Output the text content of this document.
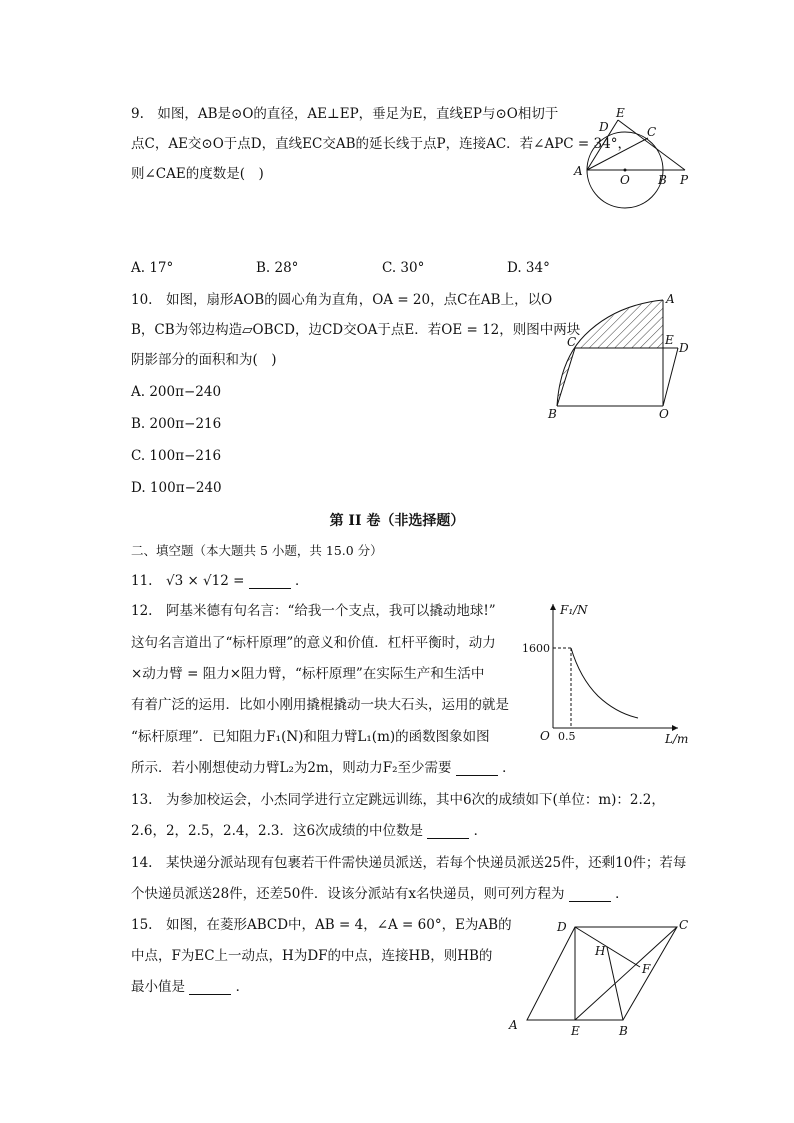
9.　如图，AB是⊙O的直径，AE⊥EP，垂足为E，直线EP与⊙O相切于
点C，AE交⊙O于点D，直线EC交AB的延长线于点P，连接AC．若∠APC = 34°，
则∠CAE的度数是(　)
E
D	C
A
O B P
A. 17°	B. 28°	C. 30°	D. 34°
10.　如图，扇形AOB的圆心角为直角，OA = 20，点C在AB上，以O
B，CB为邻边构造▱OBCD，边CD交OA于点E．若OE = 12，则图中两块
阴影部分的面积和为(　)
A. 200π−240
B. 200π−216
C. 100π−216
D. 100π−240
A
C	E
D
B	O
第 II 卷（非选择题）
二、填空题（本大题共 5 小题，共 15.0 分）
11.　√3 × √12 =	．
12.　阿基米德有句名言：“给我一个支点，我可以撬动地球!”
这句名言道出了“标杆原理”的意义和价值．杠杆平衡时，动力
×动力臂 = 阻力×阻力臂，“标杆原理”在实际生产和生活中
有着广泛的运用．比如小刚用撬棍撬动一块大石头，运用的就是
“标杆原理”．已知阻力F₁(N)和阻力臂L₁(m)的函数图象如图
所示．若小刚想使动力臂L₂为2m，则动力F₂至少需要	．
F₁/N
1600
O 0.5	L/m
13.　为参加校运会，小杰同学进行立定跳远训练，其中6次的成绩如下(单位：m)：2.2，
2.6，2，2.5，2.4，2.3．这6次成绩的中位数是	．
14.　某快递分派站现有包裹若干件需快递员派送，若每个快递员派送25件，还剩10件；若每
个快递员派送28件，还差50件．设该分派站有x名快递员，则可列方程为	．
15.　如图，在菱形ABCD中，AB = 4，∠A = 60°，E为AB的
中点，F为EC上一动点，H为DF的中点，连接HB，则HB的
最小值是	．
D	C
H
F
A	E	B
